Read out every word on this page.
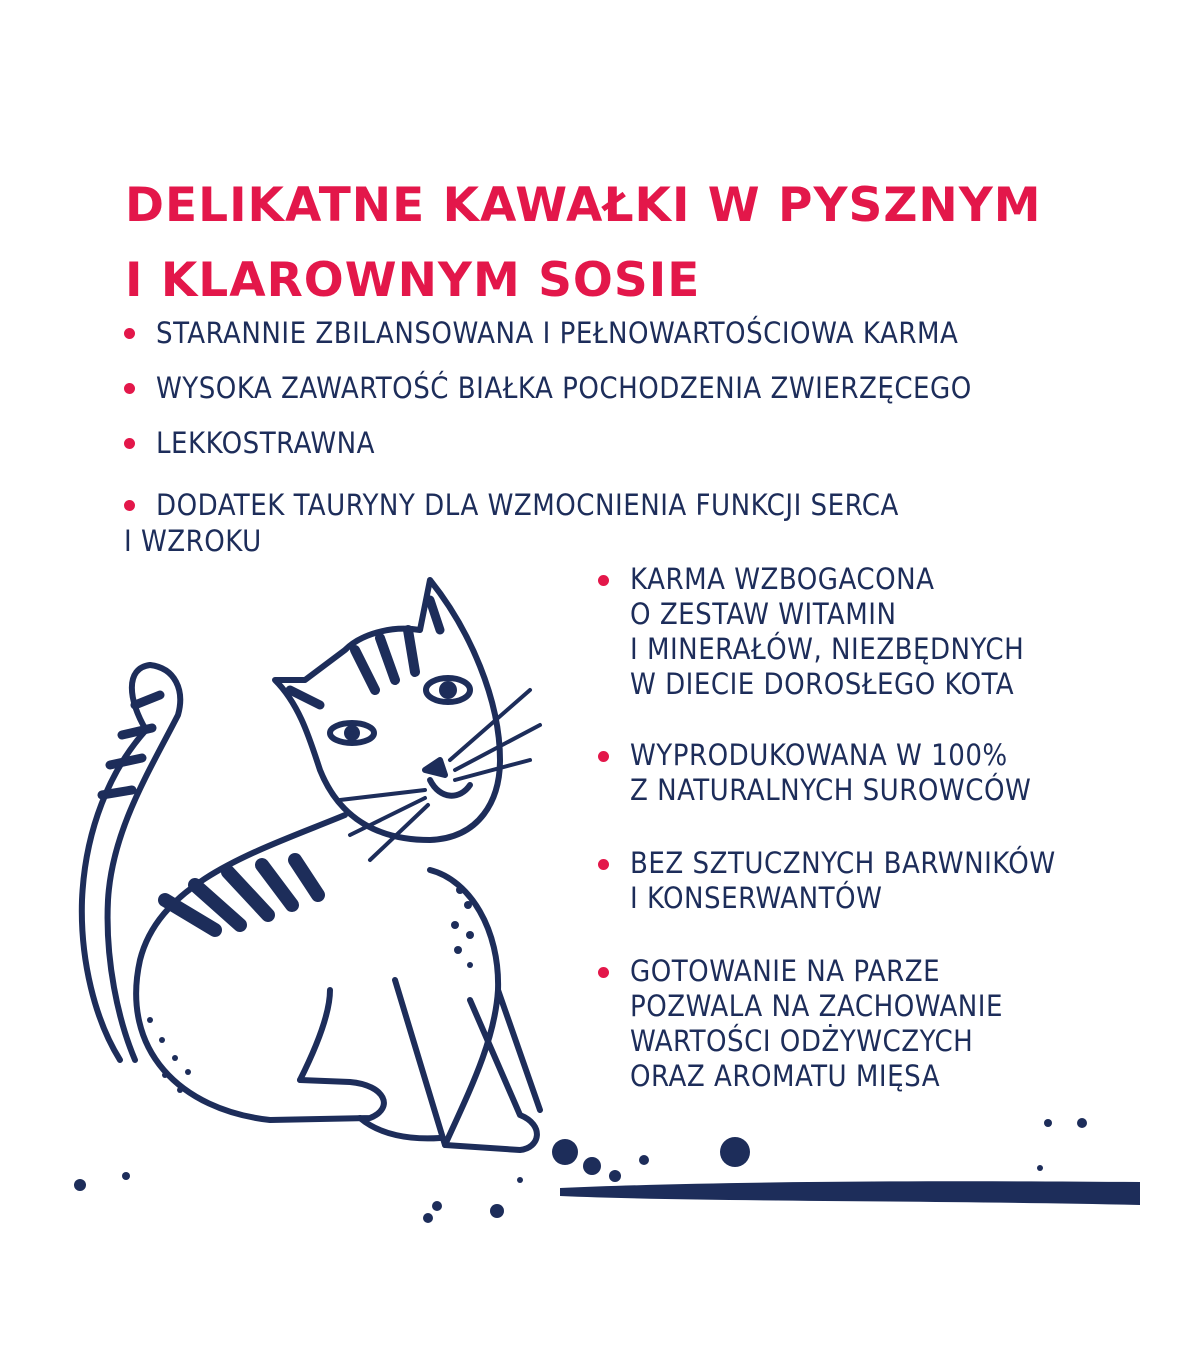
DELIKATNE KAWAŁKI W PYSZNYM
I KLAROWNYM SOSIE
STARANNIE ZBILANSOWANA I PEŁNOWARTOŚCIOWA KARMA
WYSOKA ZAWARTOŚĆ BIAŁKA POCHODZENIA ZWIERZĘCEGO
LEKKOSTRAWNA
DODATEK TAURYNY DLA WZMOCNIENIA FUNKCJI SERCA
I WZROKU
KARMA WZBOGACONA
O ZESTAW WITAMIN
I MINERAŁÓW, NIEZBĘDNYCH
W DIECIE DOROSŁEGO KOTA
WYPRODUKOWANA W 100%
Z NATURALNYCH SUROWCÓW
BEZ SZTUCZNYCH BARWNIKÓW
I KONSERWANTÓW
GOTOWANIE NA PARZE
POZWALA NA ZACHOWANIE
WARTOŚCI ODŻYWCZYCH
ORAZ AROMATU MIĘSA
